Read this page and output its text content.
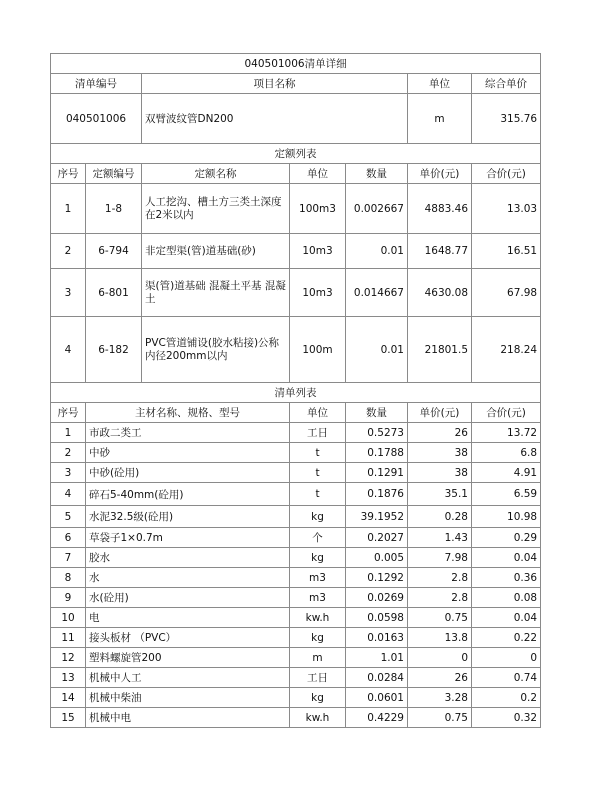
040501006清单详细						
清单编号		项目名称			单位	综合单价
040501006		双臂波纹管DN200			m	315.76
定额列表						
序号	定额编号	定额名称	单位	数量	单价(元)	合价(元)
1	1-8	人工挖沟、槽土方三类土深度在2米以内	100m3	0.002667	4883.46	13.03
2	6-794	非定型渠(管)道基础(砂)	10m3	0.01	1648.77	16.51
3	6-801	渠(管)道基础 混凝土平基 混凝土	10m3	0.014667	4630.08	67.98
4	6-182	PVC管道铺设(胶水粘接)公称内径200mm以内	100m	0.01	21801.5	218.24
清单列表						
序号	主材名称、规格、型号		单位	数量	单价(元)	合价(元)
1	市政二类工		工日	0.5273	26	13.72
2	中砂		t	0.1788	38	6.8
3	中砂(砼用)		t	0.1291	38	4.91
4	碎石5-40mm(砼用)		t	0.1876	35.1	6.59
5	水泥32.5级(砼用)		kg	39.1952	0.28	10.98
6	草袋子1×0.7m		个	0.2027	1.43	0.29
7	胶水		kg	0.005	7.98	0.04
8	水		m3	0.1292	2.8	0.36
9	水(砼用)		m3	0.0269	2.8	0.08
10	电		kw.h	0.0598	0.75	0.04
11	接头板材 （PVC）		kg	0.0163	13.8	0.22
12	塑料螺旋管200		m	1.01	0	0
13	机械中人工		工日	0.0284	26	0.74
14	机械中柴油		kg	0.0601	3.28	0.2
15	机械中电		kw.h	0.4229	0.75	0.32
